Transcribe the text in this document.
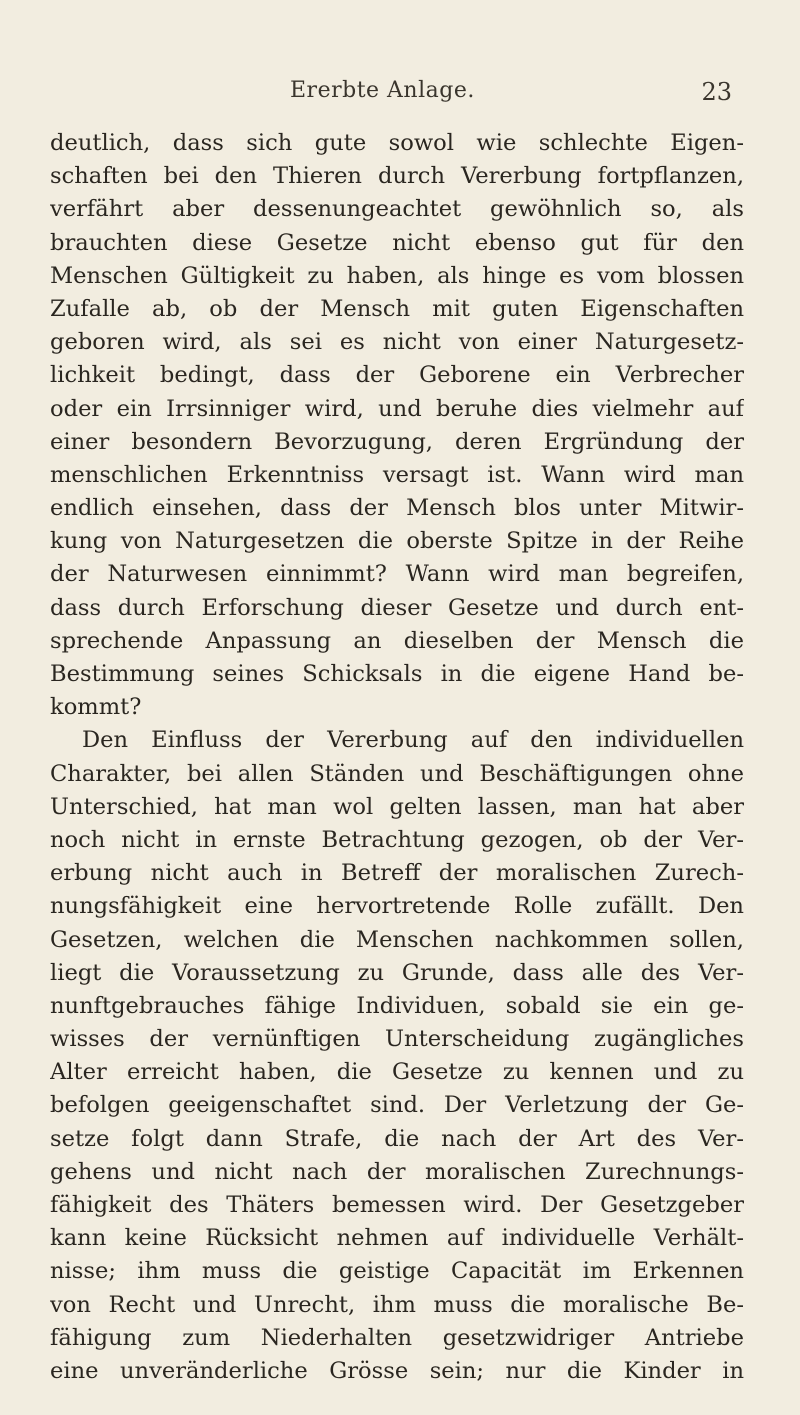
Ererbte Anlage.	23
deutlich, dass sich gute sowol wie schlechte Eigen-
schaften bei den Thieren durch Vererbung fortpflanzen,
verfährt aber dessenungeachtet gewöhnlich so, als
brauchten diese Gesetze nicht ebenso gut für den
Menschen Gültigkeit zu haben, als hinge es vom blossen
Zufalle ab, ob der Mensch mit guten Eigenschaften
geboren wird, als sei es nicht von einer Naturgesetz-
lichkeit bedingt, dass der Geborene ein Verbrecher
oder ein Irrsinniger wird, und beruhe dies vielmehr auf
einer besondern Bevorzugung, deren Ergründung der
menschlichen Erkenntniss versagt ist. Wann wird man
endlich einsehen, dass der Mensch blos unter Mitwir-
kung von Naturgesetzen die oberste Spitze in der Reihe
der Naturwesen einnimmt? Wann wird man begreifen,
dass durch Erforschung dieser Gesetze und durch ent-
sprechende Anpassung an dieselben der Mensch die
Bestimmung seines Schicksals in die eigene Hand be-
kommt?
Den Einfluss der Vererbung auf den individuellen
Charakter, bei allen Ständen und Beschäftigungen ohne
Unterschied, hat man wol gelten lassen, man hat aber
noch nicht in ernste Betrachtung gezogen, ob der Ver-
erbung nicht auch in Betreff der moralischen Zurech-
nungsfähigkeit eine hervortretende Rolle zufällt. Den
Gesetzen, welchen die Menschen nachkommen sollen,
liegt die Voraussetzung zu Grunde, dass alle des Ver-
nunftgebrauches fähige Individuen, sobald sie ein ge-
wisses der vernünftigen Unterscheidung zugängliches
Alter erreicht haben, die Gesetze zu kennen und zu
befolgen geeigenschaftet sind. Der Verletzung der Ge-
setze folgt dann Strafe, die nach der Art des Ver-
gehens und nicht nach der moralischen Zurechnungs-
fähigkeit des Thäters bemessen wird. Der Gesetzgeber
kann keine Rücksicht nehmen auf individuelle Verhält-
nisse; ihm muss die geistige Capacität im Erkennen
von Recht und Unrecht, ihm muss die moralische Be-
fähigung zum Niederhalten gesetzwidriger Antriebe
eine unveränderliche Grösse sein; nur die Kinder in
